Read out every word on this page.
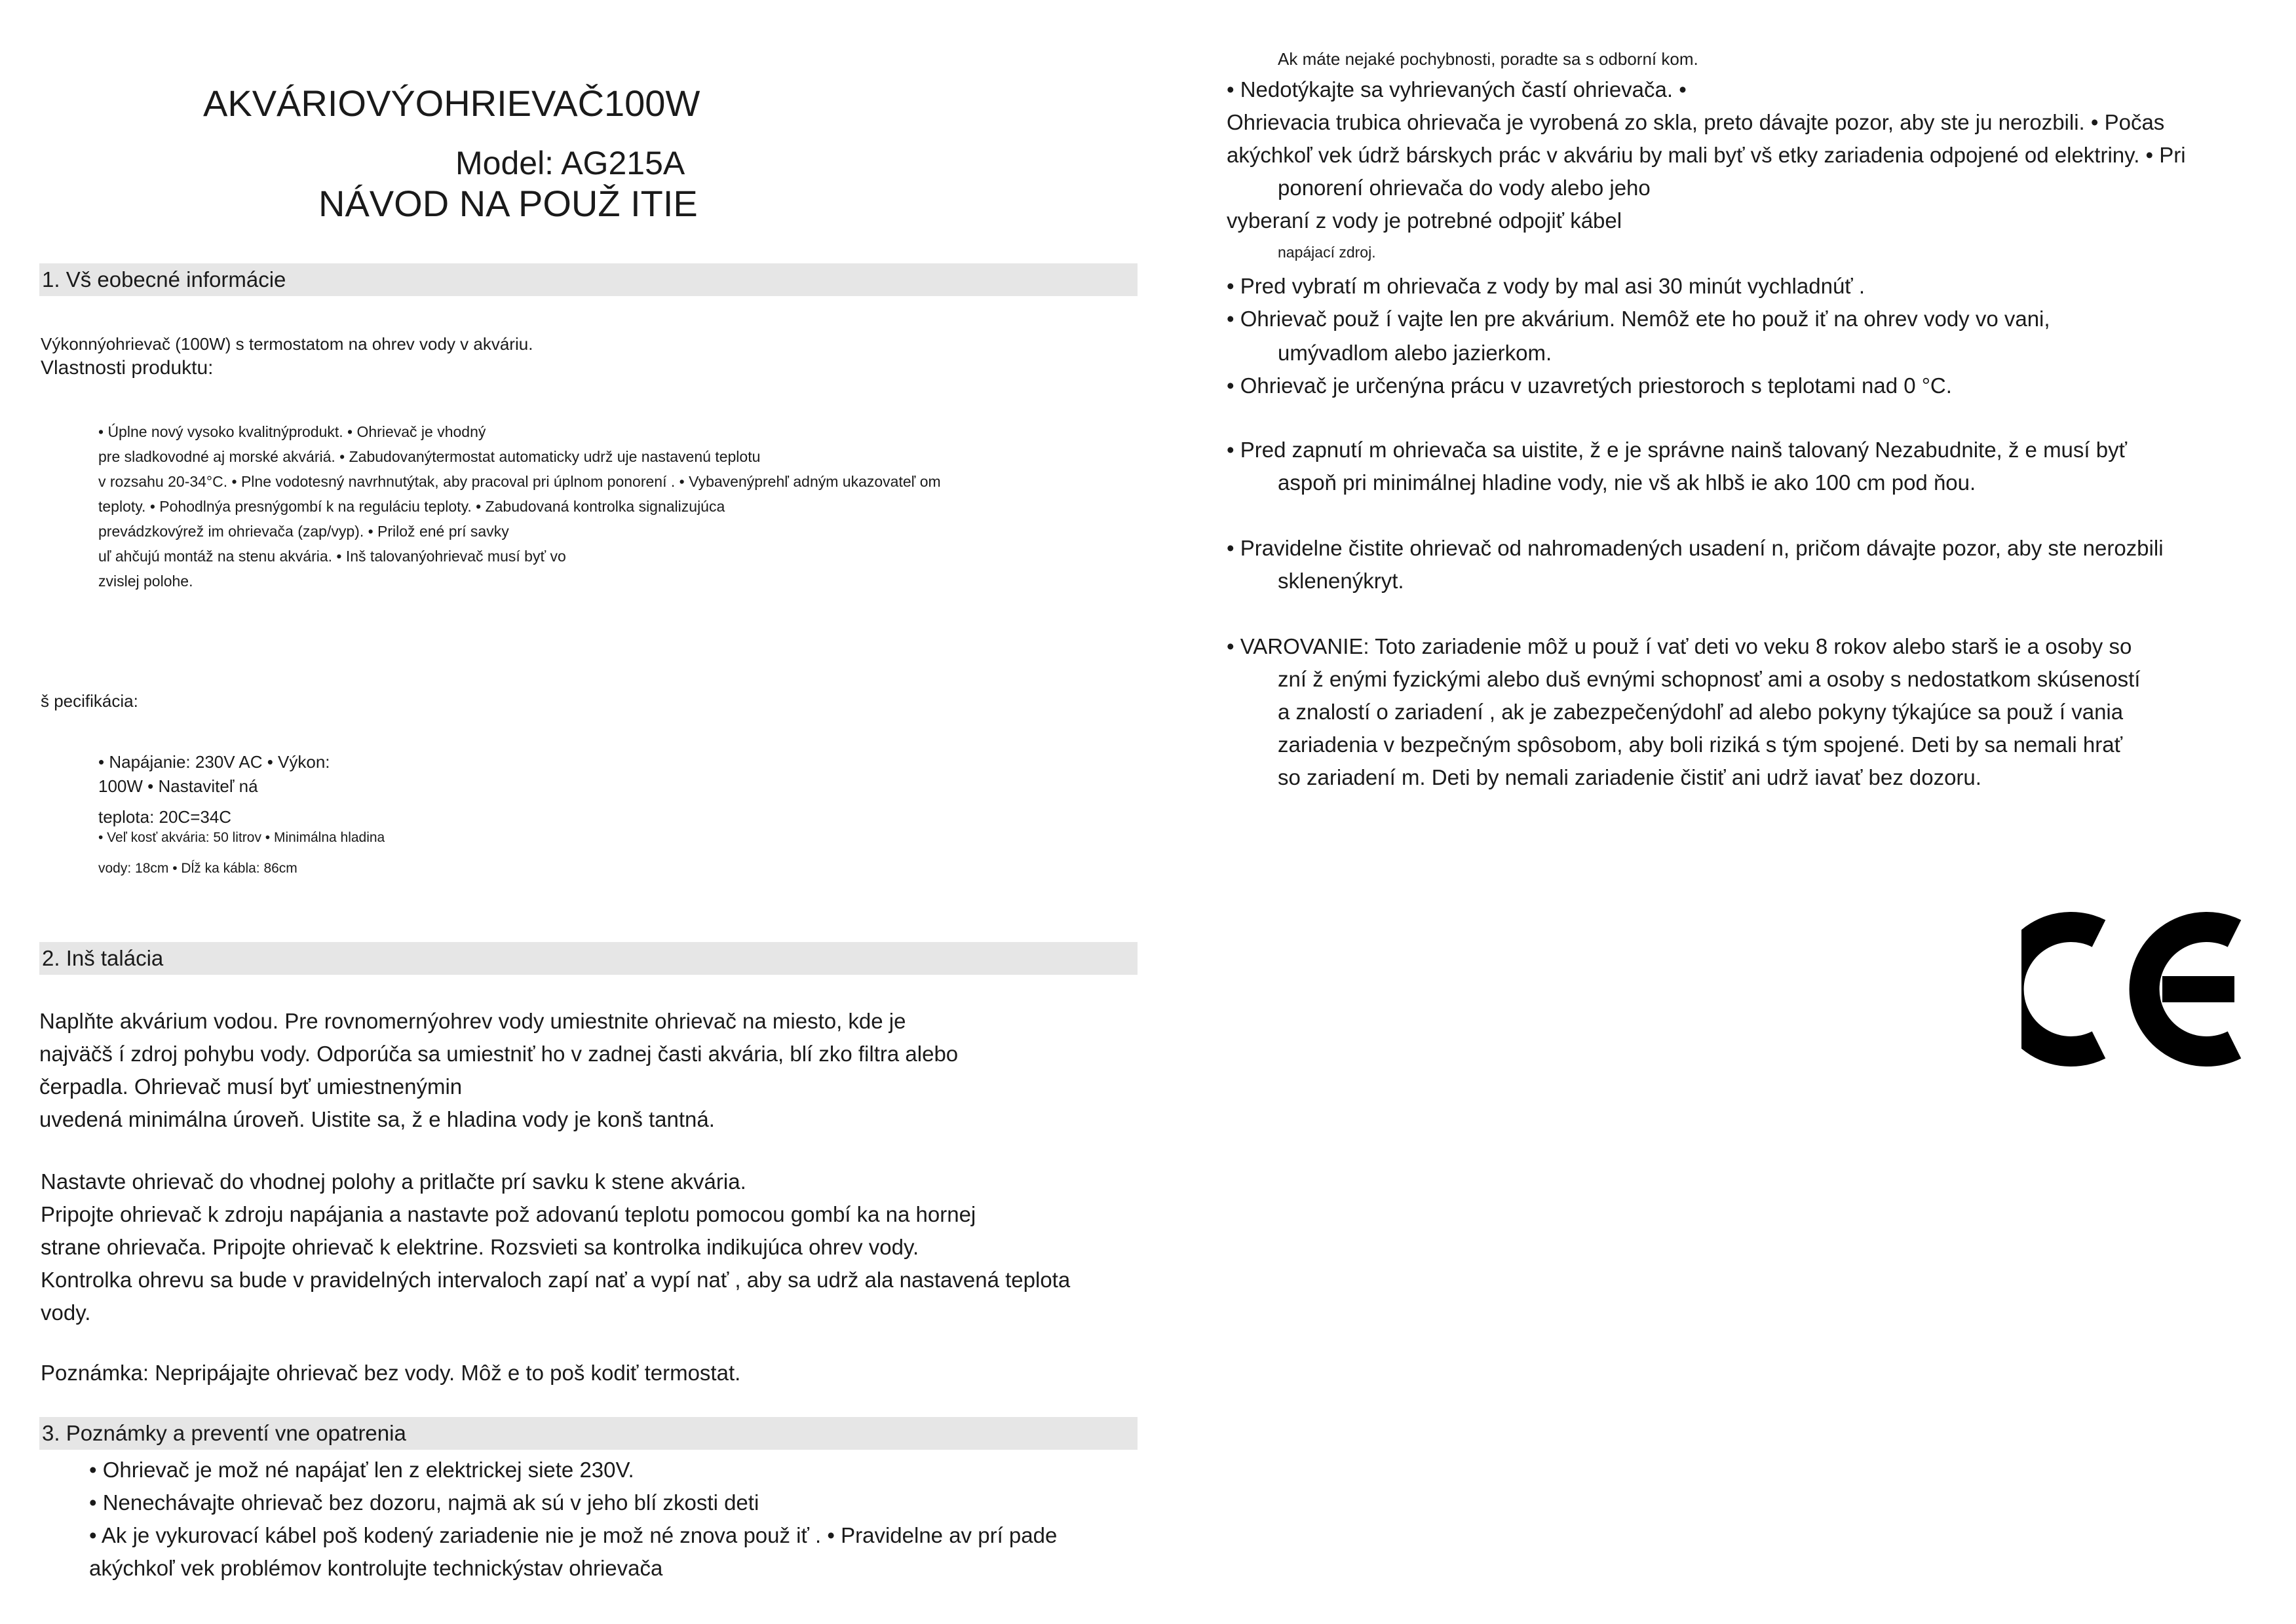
AKVÁRIOVÝOHRIEVAČ100W
Model: AG215A
NÁVOD NA POUŽ ITIE
1. Vš eobecné informácie
Výkonnýohrievač (100W) s termostatom na ohrev vody v akváriu.
Vlastnosti produktu:
• Úplne nový vysoko kvalitnýprodukt. • Ohrievač je vhodný
pre sladkovodné aj morské akváriá. • Zabudovanýtermostat automaticky udrž uje nastavenú teplotu
v rozsahu 20-34°C. • Plne vodotesný navrhnutýtak, aby pracoval pri úplnom ponorení . • Vybavenýprehľ adným ukazovateľ om
teploty. • Pohodlnýa presnýgombí k na reguláciu teploty. • Zabudovaná kontrolka signalizujúca
prevádzkovýrež im ohrievača (zap/vyp). • Prilož ené prí savky
uľ ahčujú montáž na stenu akvária. • Inš talovanýohrievač musí byť vo
zvislej polohe.
š pecifikácia:
• Napájanie: 230V AC • Výkon:
100W • Nastaviteľ ná
teplota: 20C=34C
• Veľ kosť akvária: 50 litrov • Minimálna hladina
vody: 18cm • Dĺž ka kábla: 86cm
2. Inš talácia
Naplňte akvárium vodou. Pre rovnomernýohrev vody umiestnite ohrievač na miesto, kde je
najväčš í zdroj pohybu vody. Odporúča sa umiestniť ho v zadnej časti akvária, blí zko filtra alebo
čerpadla. Ohrievač musí byť umiestnenýmin
uvedená minimálna úroveň. Uistite sa, ž e hladina vody je konš tantná.
Nastavte ohrievač do vhodnej polohy a pritlačte prí savku k stene akvária.
Pripojte ohrievač k zdroju napájania a nastavte pož adovanú teplotu pomocou gombí ka na hornej
strane ohrievača. Pripojte ohrievač k elektrine. Rozsvieti sa kontrolka indikujúca ohrev vody.
Kontrolka ohrevu sa bude v pravidelných intervaloch zapí nať a vypí nať , aby sa udrž ala nastavená teplota
vody.
Poznámka: Nepripájajte ohrievač bez vody. Môž e to poš kodiť termostat.
3. Poznámky a preventí vne opatrenia
• Ohrievač je mož né napájať len z elektrickej siete 230V.
• Nenechávajte ohrievač bez dozoru, najmä ak sú v jeho blí zkosti deti
• Ak je vykurovací kábel poš kodený zariadenie nie je mož né znova použ iť . • Pravidelne av prí pade
akýchkoľ vek problémov kontrolujte technickýstav ohrievača
Ak máte nejaké pochybnosti, poradte sa s odborní kom.
• Nedotýkajte sa vyhrievaných častí ohrievača. •
Ohrievacia trubica ohrievača je vyrobená zo skla, preto dávajte pozor, aby ste ju nerozbili. • Počas
akýchkoľ vek údrž bárskych prác v akváriu by mali byť vš etky zariadenia odpojené od elektriny. • Pri
ponorení ohrievača do vody alebo jeho
vyberaní z vody je potrebné odpojiť kábel
napájací zdroj.
• Pred vybratí m ohrievača z vody by mal asi 30 minút vychladnúť .
• Ohrievač použ í vajte len pre akvárium. Nemôž ete ho použ iť na ohrev vody vo vani,
umývadlom alebo jazierkom.
• Ohrievač je určenýna prácu v uzavretých priestoroch s teplotami nad 0 °C.
• Pred zapnutí m ohrievača sa uistite, ž e je správne nainš talovaný Nezabudnite, ž e musí byť
aspoň pri minimálnej hladine vody, nie vš ak hlbš ie ako 100 cm pod ňou.
• Pravidelne čistite ohrievač od nahromadených usadení n, pričom dávajte pozor, aby ste nerozbili
sklenenýkryt.
• VAROVANIE: Toto zariadenie môž u použ í vať deti vo veku 8 rokov alebo starš ie a osoby so
zní ž enými fyzickými alebo duš evnými schopnosť ami a osoby s nedostatkom skúseností
a znalostí o zariadení , ak je zabezpečenýdohľ ad alebo pokyny týkajúce sa použ í vania
zariadenia v bezpečným spôsobom, aby boli riziká s tým spojené. Deti by sa nemali hrať
so zariadení m. Deti by nemali zariadenie čistiť ani udrž iavať bez dozoru.
